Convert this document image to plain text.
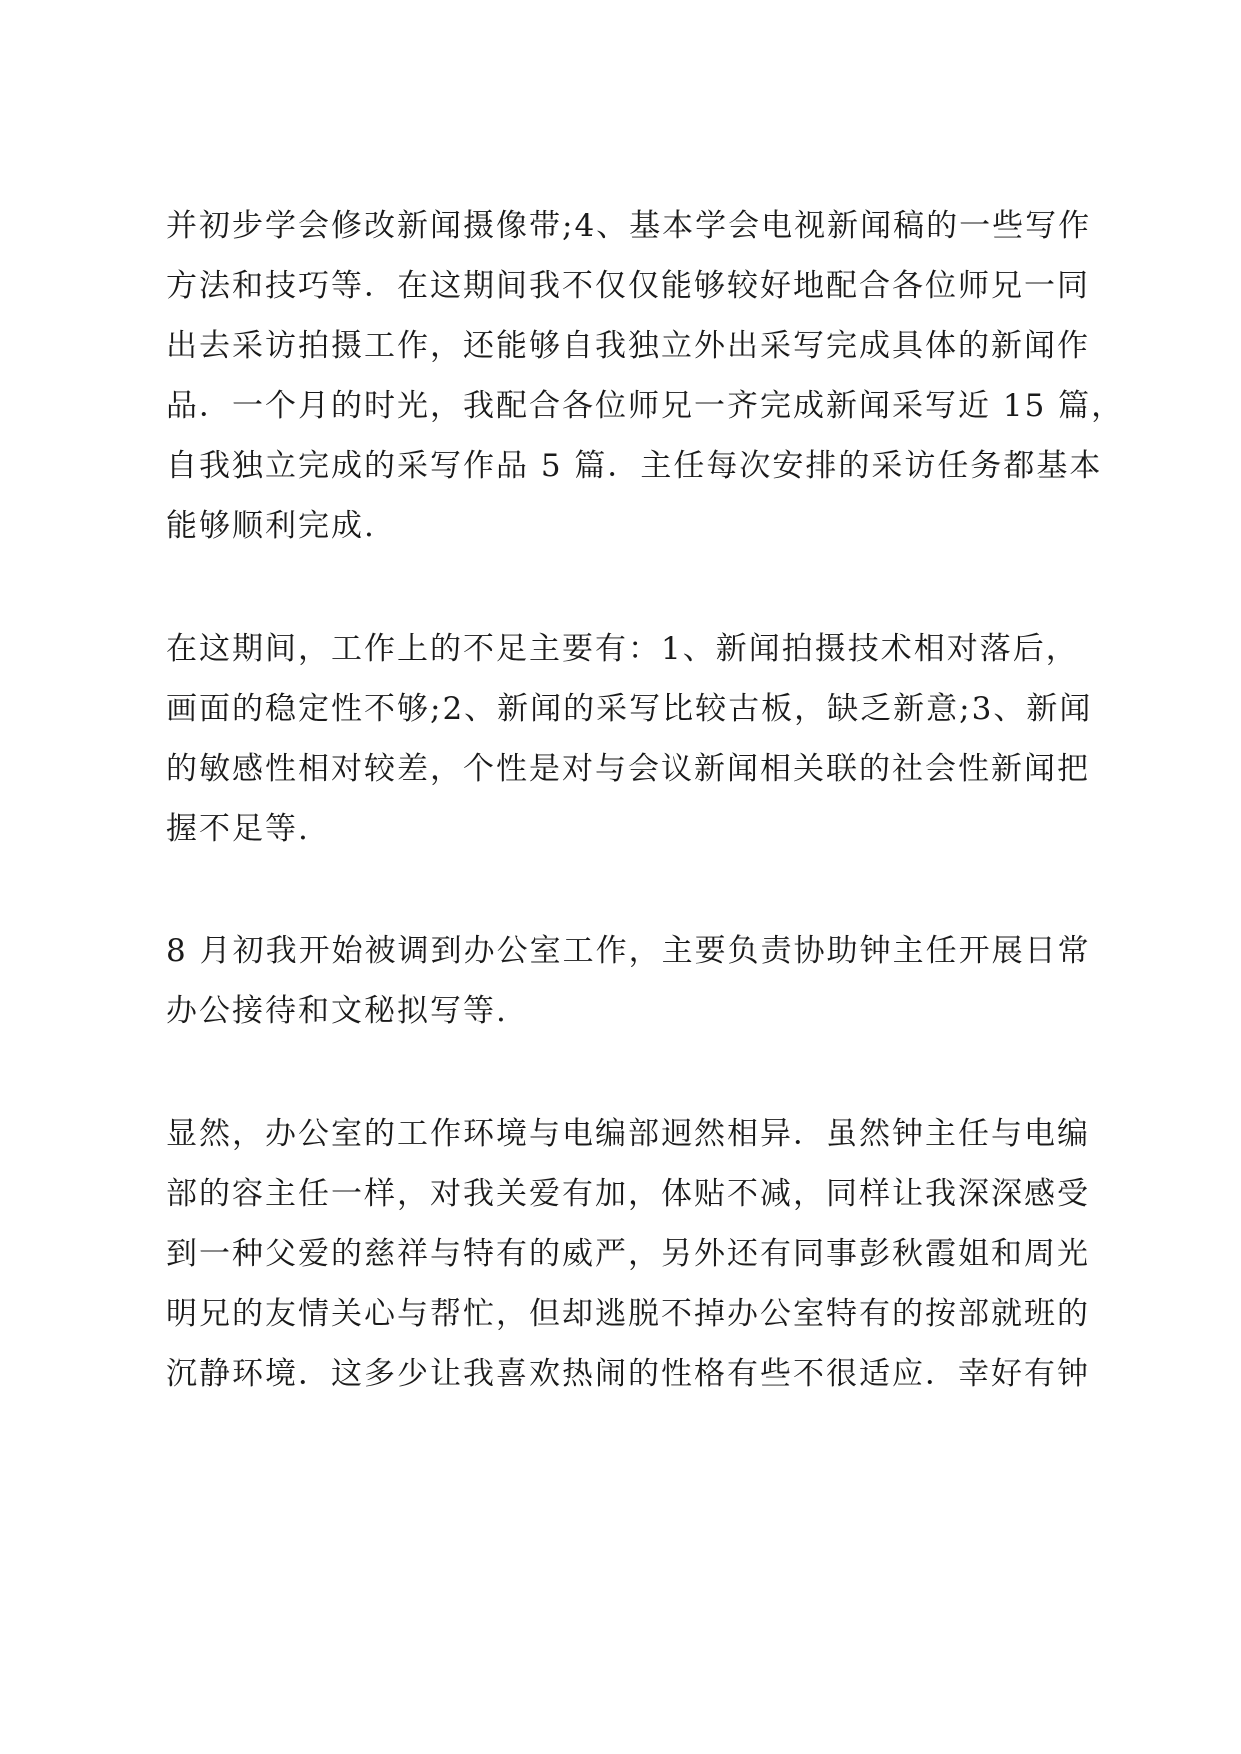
并初步学会修改新闻摄像带;4、基本学会电视新闻稿的一些写作
方法和技巧等．在这期间我不仅仅能够较好地配合各位师兄一同
出去采访拍摄工作，还能够自我独立外出采写完成具体的新闻作
品．一个月的时光，我配合各位师兄一齐完成新闻采写近 15 篇，
自我独立完成的采写作品 5 篇．主任每次安排的采访任务都基本
能够顺利完成.
在这期间，工作上的不足主要有：1、新闻拍摄技术相对落后，
画面的稳定性不够;2、新闻的采写比较古板，缺乏新意;3、新闻
的敏感性相对较差，个性是对与会议新闻相关联的社会性新闻把
握不足等.
8 月初我开始被调到办公室工作，主要负责协助钟主任开展日常
办公接待和文秘拟写等.
显然，办公室的工作环境与电编部迥然相异．虽然钟主任与电编
部的容主任一样，对我关爱有加，体贴不减，同样让我深深感受
到一种父爱的慈祥与特有的威严，另外还有同事彭秋霞姐和周光
明兄的友情关心与帮忙，但却逃脱不掉办公室特有的按部就班的
沉静环境．这多少让我喜欢热闹的性格有些不很适应．幸好有钟
